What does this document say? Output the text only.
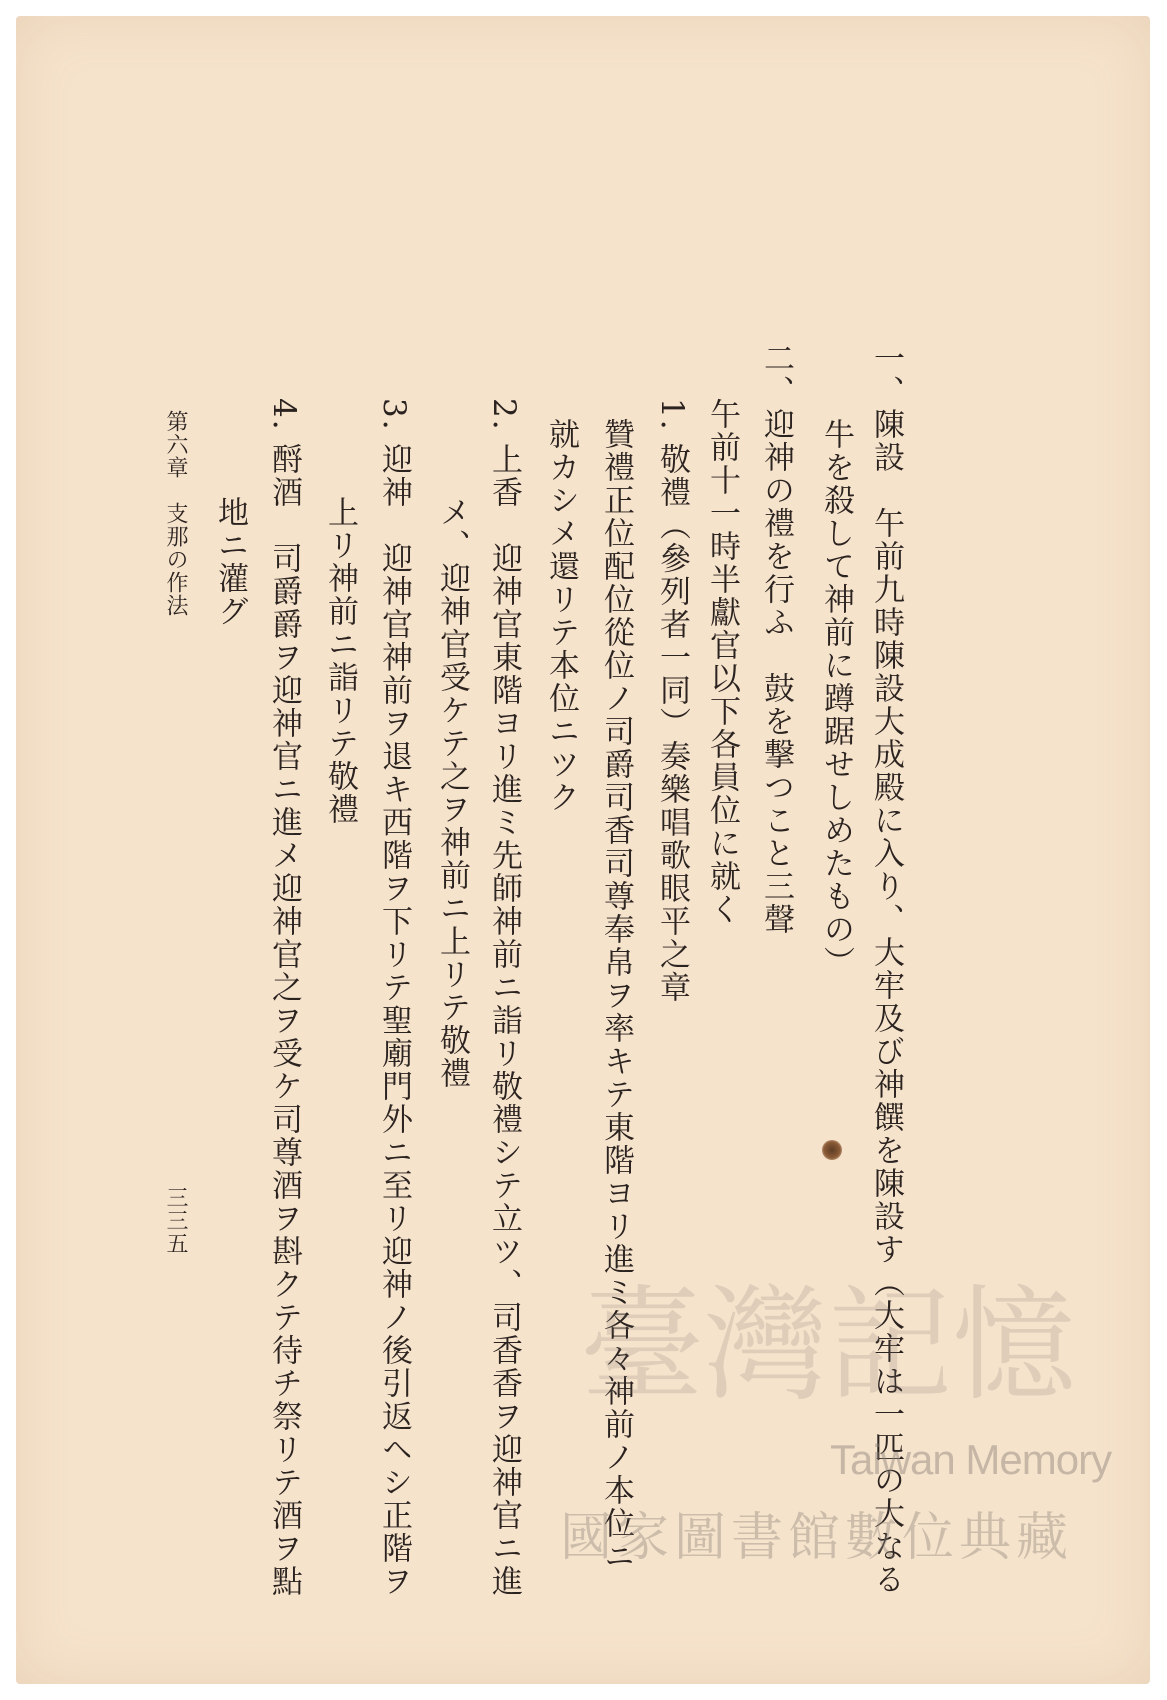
一、陳設　午前九時陳設大成殿に入り、大牢及び神饌を陳設す（大牢は一匹の大なる
牛を殺して神前に蹲踞せしめたもの）
二、迎神の禮を行ふ　鼓を撃つこと三聲
午前十一時半獻官以下各員位に就く
1. 敬禮（參列者一同）奏樂唱歌眼平之章
贊禮正位配位從位ノ司爵司香司尊奉帛ヲ率キテ東階ヨリ進ミ各々神前ノ本位ニ
就カシメ還リテ本位ニツク
2. 上香　迎神官東階ヨリ進ミ先師神前ニ詣リ敬禮シテ立ツ、司香香ヲ迎神官ニ進
メ、迎神官受ケテ之ヲ神前ニ上リテ敬禮
3. 迎神　迎神官神前ヲ退キ西階ヲ下リテ聖廟門外ニ至リ迎神ノ後引返ヘシ正階ヲ
上リ神前ニ詣リテ敬禮
4. 酹酒　司爵爵ヲ迎神官ニ進メ迎神官之ヲ受ケ司尊酒ヲ斟クテ待チ祭リテ酒ヲ點
地ニ灌グ
第六章　支那の作法
三三五
臺灣記憶
Taiwan Memory
國家圖書館數位典藏
